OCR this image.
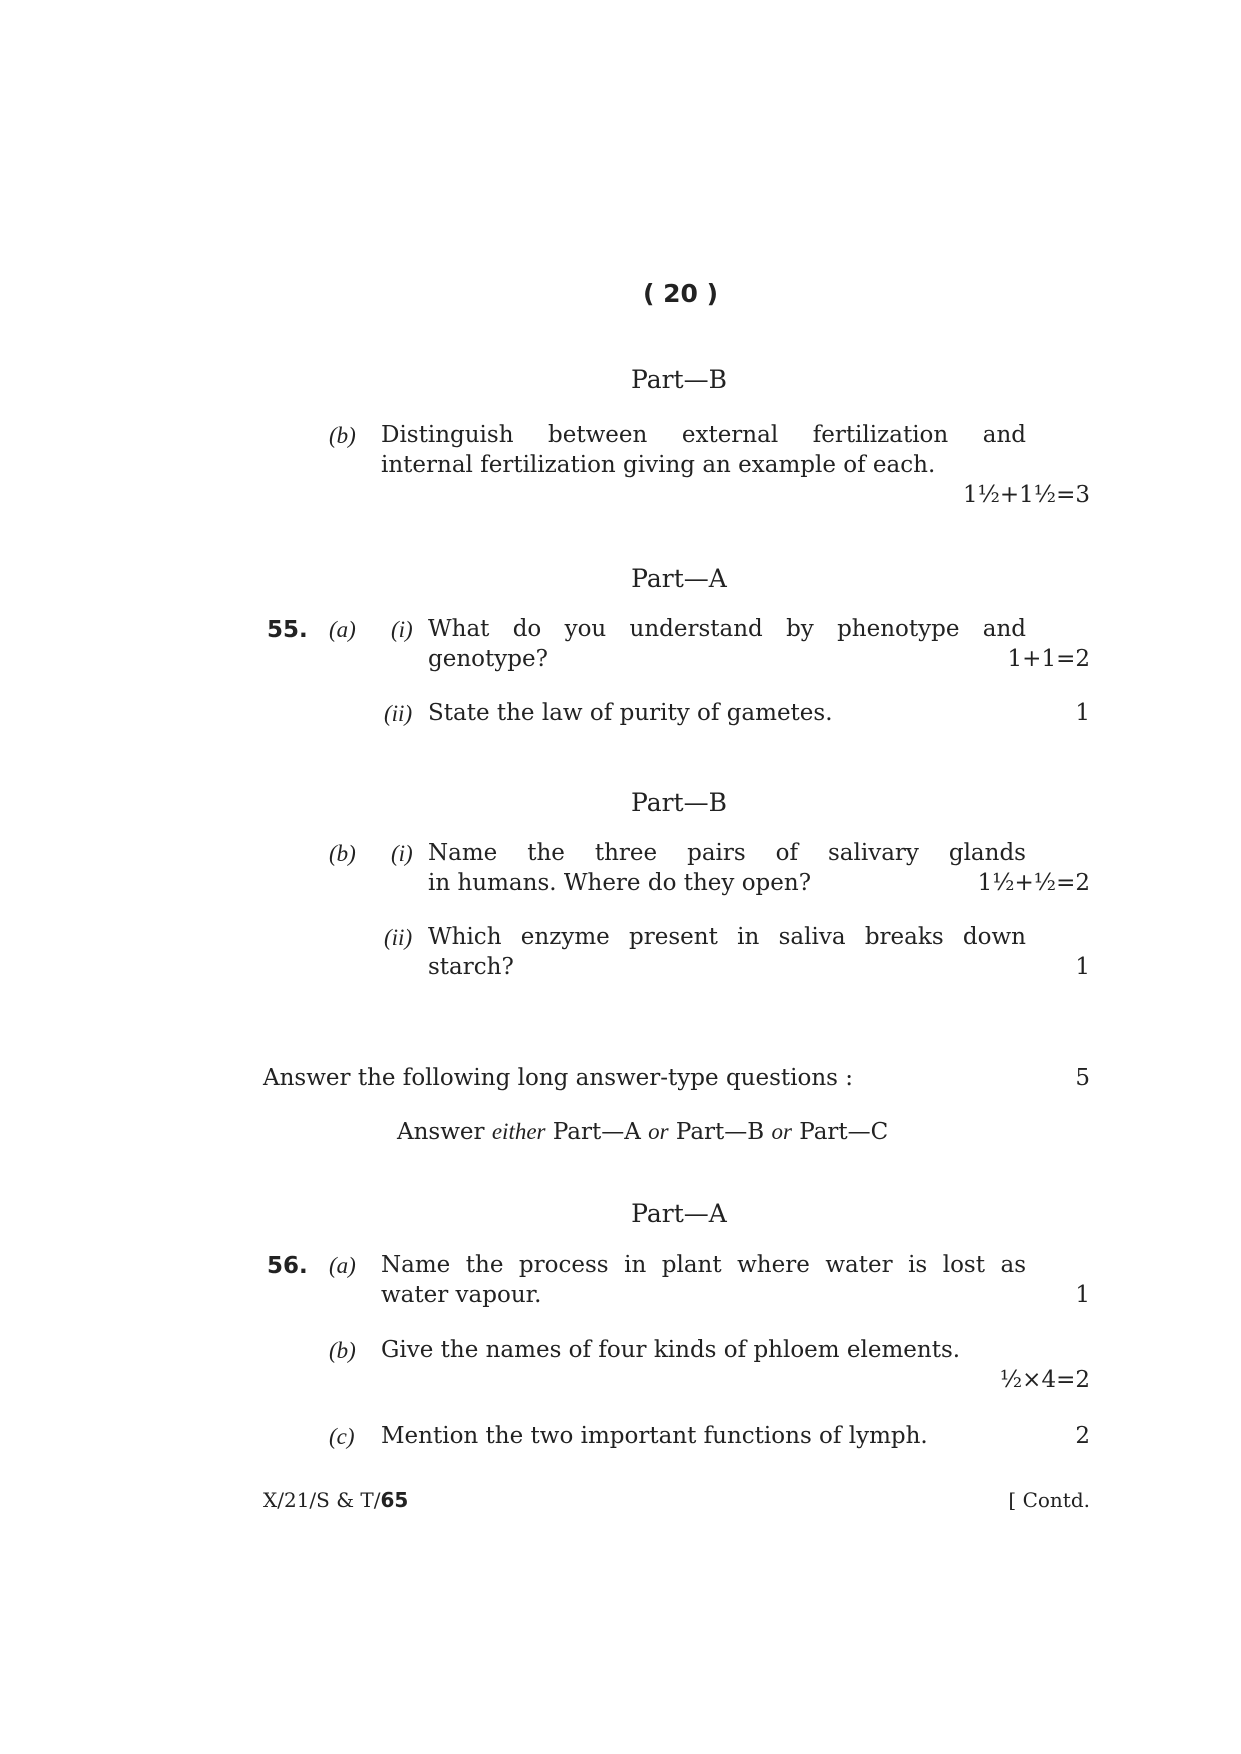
( 20 )
Part—B
(b) Distinguish between external fertilization and
internal fertilization giving an example of each.
1½+1½=3
Part—A
55. (a) (i) What do you understand by phenotype and
genotype?	1+1=2
(ii) State the law of purity of gametes.	1
Part—B
(b) (i) Name the three pairs of salivary glands
in humans. Where do they open?	1½+½=2
(ii) Which enzyme present in saliva breaks down
starch?	1
Answer the following long answer-type questions :	5
Answer either Part—A or Part—B or Part—C
Part—A
56. (a) Name the process in plant where water is lost as
water vapour.	1
(b) Give the names of four kinds of phloem elements.
½×4=2
(c) Mention the two important functions of lymph.	2
X/21/S & T/65	[ Contd.
